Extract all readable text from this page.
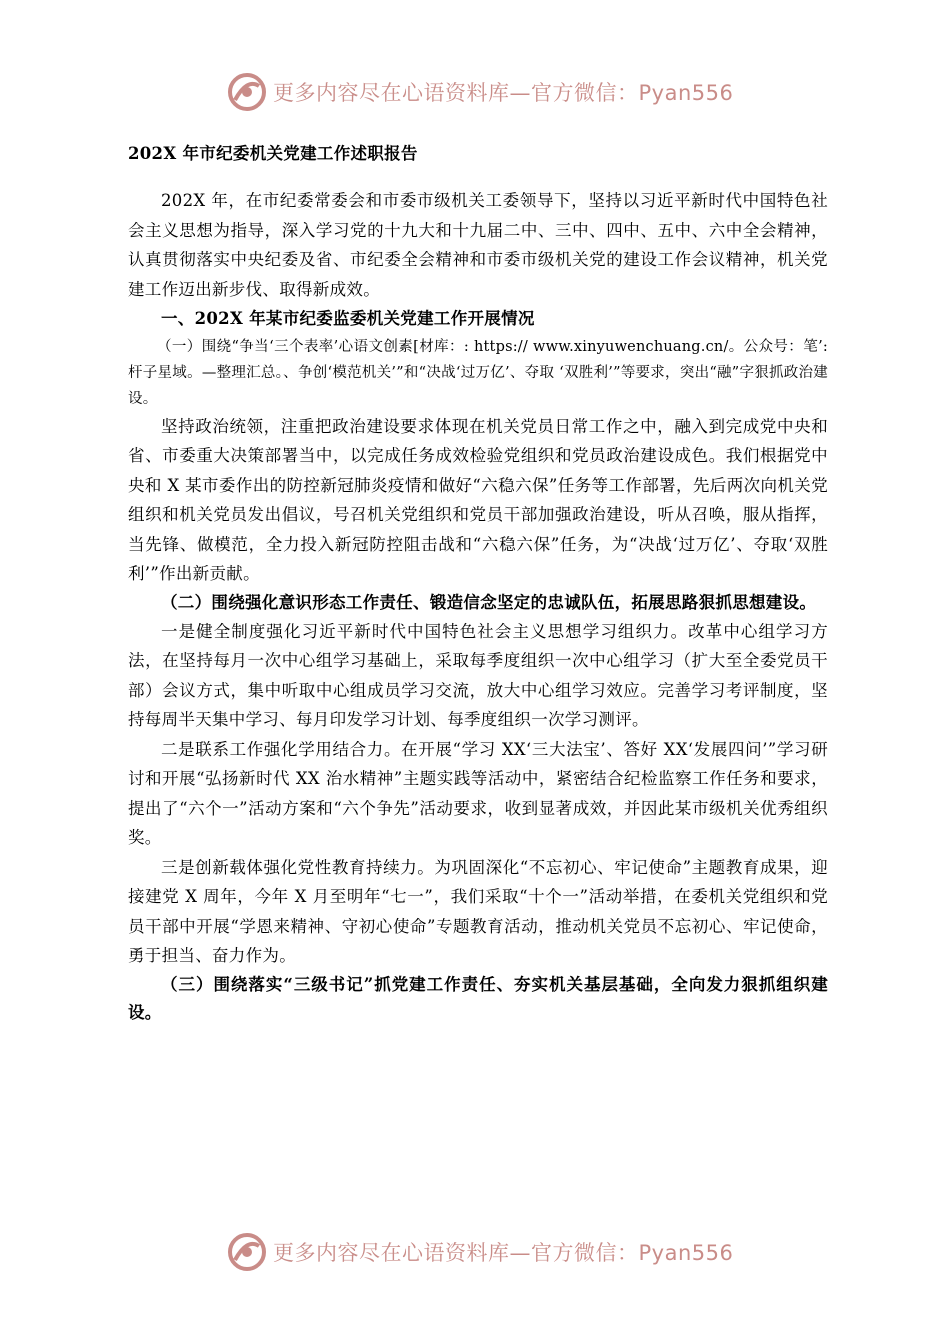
更多内容尽在心语资料库—官方微信：Pyan556
202X 年市纪委机关党建工作述职报告

202X 年，在市纪委常委会和市委市级机关工委领导下，坚持以习近平新时代中国特色社会主义思想为指导，深入学习党的十九大和十九届二中、三中、四中、五中、六中全会精神，认真贯彻落实中央纪委及省、市纪委全会精神和市委市级机关党的建设工作会议精神，机关党建工作迈出新步伐、取得新成效。

一、202X 年某市纪委监委机关党建工作开展情况

（一）围绕“争当‘三个表率’心语文创素[材库：: https:// www.xinyuwenchuang.cn/。公众号：笔’:杆子星域。—整理汇总。、争创‘模范机关’”和“决战‘过万亿’、夺取 ‘双胜利’”等要求，突出“融”字狠抓政治建设。

坚持政治统领，注重把政治建设要求体现在机关党员日常工作之中，融入到完成党中央和省、市委重大决策部署当中，以完成任务成效检验党组织和党员政治建设成色。我们根据党中央和 X 某市委作出的防控新冠肺炎疫情和做好“六稳六保”任务等工作部署，先后两次向机关党组织和机关党员发出倡议，号召机关党组织和党员干部加强政治建设，听从召唤，服从指挥，当先锋、做模范，全力投入新冠防控阻击战和“六稳六保”任务，为“决战‘过万亿’、夺取‘双胜利’”作出新贡献。

（二）围绕强化意识形态工作责任、锻造信念坚定的忠诚队伍，拓展思路狠抓思想建设。

一是健全制度强化习近平新时代中国特色社会主义思想学习组织力。改革中心组学习方法，在坚持每月一次中心组学习基础上，采取每季度组织一次中心组学习（扩大至全委党员干部）会议方式，集中听取中心组成员学习交流，放大中心组学习效应。完善学习考评制度，坚持每周半天集中学习、每月印发学习计划、每季度组织一次学习测评。

二是联系工作强化学用结合力。在开展“学习 XX‘三大法宝’、答好 XX‘发展四问’”学习研讨和开展“弘扬新时代 XX 治水精神”主题实践等活动中，紧密结合纪检监察工作任务和要求，提出了“六个一”活动方案和“六个争先”活动要求，收到显著成效，并因此某市级机关优秀组织奖。

三是创新载体强化党性教育持续力。为巩固深化“不忘初心、牢记使命”主题教育成果，迎接建党 X 周年，今年 X 月至明年“七一”，我们采取“十个一”活动举措，在委机关党组织和党员干部中开展“学恩来精神、守初心使命”专题教育活动，推动机关党员不忘初心、牢记使命，勇于担当、奋力作为。

（三）围绕落实“三级书记”抓党建工作责任、夯实机关基层基础，全向发力狠抓组织建设。

更多内容尽在心语资料库—官方微信：Pyan556
